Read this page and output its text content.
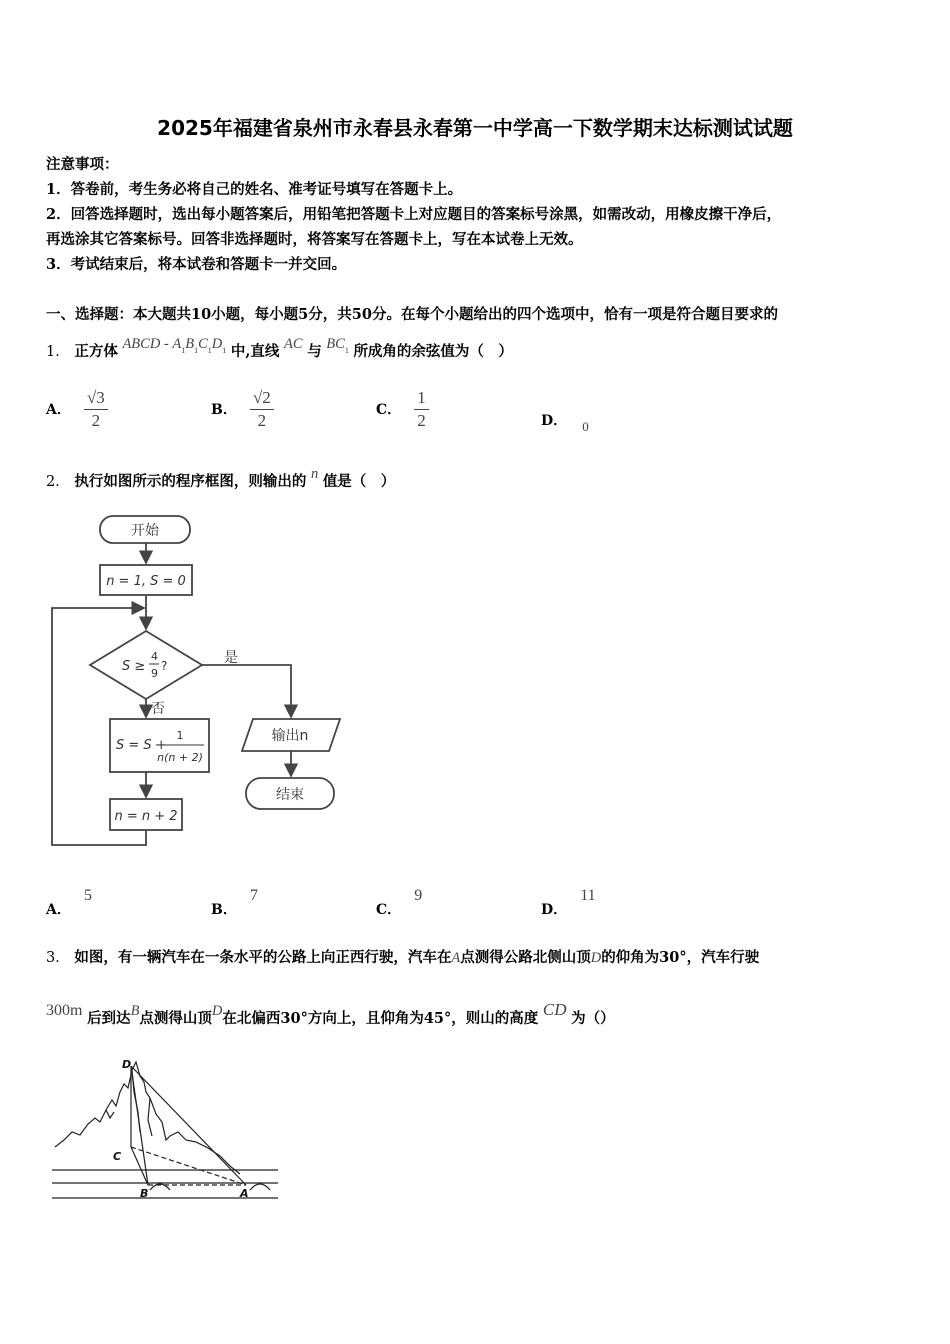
2025年福建省泉州市永春县永春第一中学高一下数学期末达标测试试题
注意事项：
1．答卷前，考生务必将自己的姓名、准考证号填写在答题卡上。
2．回答选择题时，选出每小题答案后，用铅笔把答题卡上对应题目的答案标号涂黑，如需改动，用橡皮擦干净后，
再选涂其它答案标号。回答非选择题时，将答案写在答题卡上，写在本试卷上无效。
3．考试结束后，将本试卷和答题卡一并交回。
一、选择题：本大题共10小题，每小题5分，共50分。在每个小题给出的四个选项中，恰有一项是符合题目要求的
1． 正方体 ABCD - $A_1B_1C_1D_1$ 中,直线 AC 与 $BC_1$ 所成角的余弦值为（　）
A． $\frac{√3}{2}$	B． $\frac{√2}{2}$	C． $\frac{1}{2}$	D． $_0$
2． 执行如图所示的程序框图，则输出的 n 值是（　）
开始
n = 1, S = 0
S ≥
4
9
?	是
否
S = S +
1
n(n + 2)
n = n + 2
输出n
结束
A． 5
B． 7
C． 9
D． 11
3． 如图，有一辆汽车在一条水平的公路上向正西行驶，汽车在A点测得公路北侧山顶D的仰角为30°，汽车行驶
300m 后到达B点测得山顶D在北偏西30°方向上，且仰角为45°，则山的高度 CD 为（）
D
C
B	A
